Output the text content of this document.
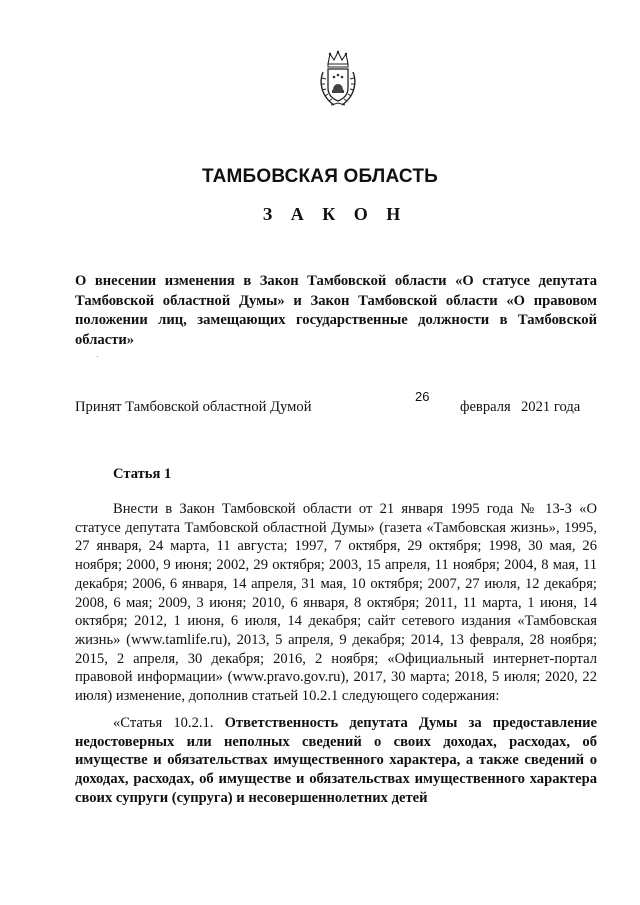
ТАМБОВСКАЯ ОБЛАСТЬ
З А К О Н

О внесении изменения в Закон Тамбовской области «О статусе депутата Тамбовской областной Думы» и Закон Тамбовской области «О правовом положении лиц, замещающих государственные должности в Тамбовской области»

Принят Тамбовской областной Думой
26
февраля 2021 года
Статья 1

Внести в Закон Тамбовской области от 21 января 1995 года № 13-З «О статусе депутата Тамбовской областной Думы» (газета «Тамбовская жизнь», 1995, 27 января, 24 марта, 11 августа; 1997, 7 октября, 29 октября; 1998, 30 мая, 26 ноября; 2000, 9 июня; 2002, 29 октября; 2003, 15 апреля, 11 ноября; 2004, 8 мая, 11 декабря; 2006, 6 января, 14 апреля, 31 мая, 10 октября; 2007, 27 июля, 12 декабря; 2008, 6 мая; 2009, 3 июня; 2010, 6 января, 8 октября; 2011, 11 марта, 1 июня, 14 октября; 2012, 1 июня, 6 июля, 14 декабря; сайт сетевого издания «Тамбовская жизнь» (www.tamlife.ru), 2013, 5 апреля, 9 декабря; 2014, 13 февраля, 28 ноября; 2015, 2 апреля, 30 декабря; 2016, 2 ноября; «Официальный интернет-портал правовой информации» (www.pravo.gov.ru), 2017, 30 марта; 2018, 5 июля; 2020, 22 июля) изменение, дополнив статьей 10.2.1 следующего содержания:

«Статья 10.2.1. Ответственность депутата Думы за предоставление недостоверных или неполных сведений о своих доходах, расходах, об имуществе и обязательствах имущественного характера, а также сведений о доходах, расходах, об имуществе и обязательствах имущественного характера своих супруги (супруга) и несовершеннолетних детей
